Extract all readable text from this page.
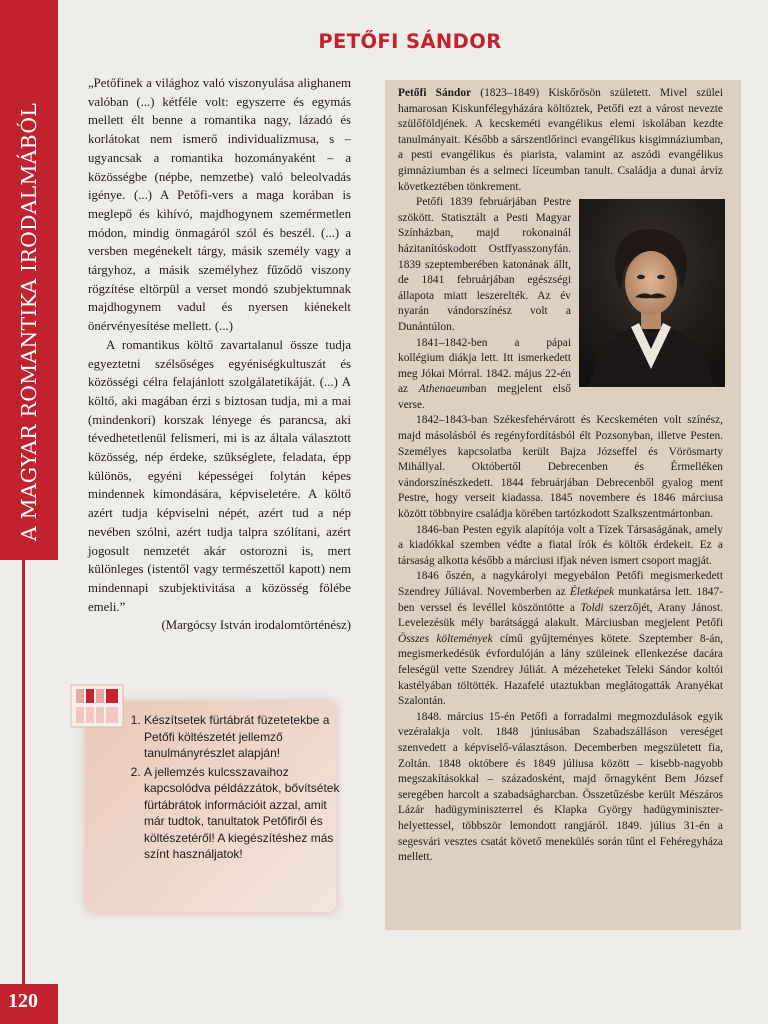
A MAGYAR ROMANTIKA IRODALMÁBÓL
120
PETŐFI SÁNDOR

„Petőfinek a világhoz való viszonyulása alighanem valóban (...) kétféle volt: egyszerre és egymás mellett élt benne a romantika nagy, lázadó és korlátokat nem ismerő individualizmusa, s – ugyancsak a romantika hozományaként – a közösségbe (népbe, nemzetbe) való beleolvadás igénye. (...) A Petőfi-vers a maga korában is meglepő és kihívó, majdhogynem szemérmetlen módon, mindig önmagáról szól és beszél. (...) a versben megénekelt tárgy, másik személy vagy a tárgyhoz, a másik személyhez fűződő viszony rögzítése eltörpül a verset mondó szubjektumnak majdhogynem vadul és nyersen kiénekelt önérvényesítése mellett. (...)

A romantikus költő zavartalanul össze tudja egyeztetni szélsőséges egyéniségkultuszát és közösségi célra felajánlott szolgálatetikáját. (...) A költő, aki magában érzi s biztosan tudja, mi a mai (mindenkori) korszak lényege és parancsa, aki tévedhetetlenül felismeri, mi is az általa választott közösség, nép érdeke, szükséglete, feladata, épp különös, egyéni képességei folytán képes mindennek kimondására, képviseletére. A költő azért tudja képviselni népét, azért tud a nép nevében szólni, azért tudja talpra szólítani, azért jogosult nemzetét akár ostorozni is, mert különleges (istentől vagy természettől kapott) nem mindennapi szubjektivitása a közösség fölébe emeli.”

(Margócsy István irodalomtörténész)

1. Készítsetek fürtábrát füzetetekbe a Petőfi költészetét jellemző tanulmányrészlet alapján!
2. A jellemzés kulcsszavaihoz kapcsolódva példázzátok, bővítsétek fürtábrátok információit azzal, amit már tudtok, tanultatok Petőfiről és költészetéről! A kiegészítéshez más színt használjatok!

Petőfi Sándor (1823–1849) Kiskőrösön született. Mivel szülei hamarosan Kiskunfélegyházára költöztek, Petőfi ezt a várost nevezte szülőföldjének. A kecskeméti evangélikus elemi iskolában kezdte tanulmányait. Később a sárszentlőrinci evangélikus kisgimnáziumban, a pesti evangélikus és piarista, valamint az aszódi evangélikus gimnáziumban és a selmeci líceumban tanult. Családja a dunai árvíz következtében tönkrement.

Petőfi 1839 februárjában Pestre szökött. Statisztált a Pesti Magyar Színházban, majd rokonainál házitanítóskodott Ostffyasszonyfán. 1839 szeptemberében katonának állt, de 1841 februárjában egészségi állapota miatt leszerelték. Az év nyarán vándorszínész volt a Dunántúlon.

1841–1842-ben a pápai kollégium diákja lett. Itt ismerkedett meg Jókai Mórral. 1842. május 22-én az Athenaeumban megjelent első verse.

1842–1843-ban Székesfehérvárott és Kecskeméten volt színész, majd másolásból és regényfordításból élt Pozsonyban, illetve Pesten. Személyes kapcsolatba került Bajza Józseffel és Vörösmarty Mihállyal. Októbertől Debrecenben és Érmelléken vándorszínészkedett. 1844 februárjában Debrecenből gyalog ment Pestre, hogy verseit kiadassa. 1845 novembere és 1846 márciusa között többnyire családja körében tartózkodott Szalkszentmártonban.

1846-ban Pesten egyik alapítója volt a Tízek Társaságának, amely a kiadókkal szemben védte a fiatal írók és költők érdekeit. Ez a társaság alkotta később a márciusi ifjak néven ismert csoport magját.

1846 őszén, a nagykárolyi megyebálon Petőfi megismerkedett Szendrey Júliával. Novemberben az Életképek munkatársa lett. 1847-ben verssel és levéllel köszöntötte a Toldi szerzőjét, Arany Jánost. Levelezésük mély barátsággá alakult. Márciusban megjelent Petőfi Összes költemények című gyűjteményes kötete. Szeptember 8-án, megismerkedésük évfordulóján a lány szüleinek ellenkezése dacára feleségül vette Szendrey Júliát. A mézeheteket Teleki Sándor koltói kastélyában töltötték. Hazafelé utaztukban meglátogatták Aranyékat Szalontán.

1848. március 15-én Petőfi a forradalmi megmozdulások egyik vezéralakja volt. 1848 júniusában Szabadszálláson vereséget szenvedett a képviselő-választáson. Decemberben megszületett fia, Zoltán. 1848 októbere és 1849 júliusa között – kisebb-nagyobb megszakításokkal – századosként, majd őrnagyként Bem József seregében harcolt a szabadságharcban. Összetűzésbe került Mészáros Lázár hadügyminiszterrel és Klapka György hadügyminiszter-helyettessel, többször lemondott rangjáról. 1849. július 31-én a segesvári vesztes csatát követő menekülés során tűnt el Fehéregyháza mellett.
